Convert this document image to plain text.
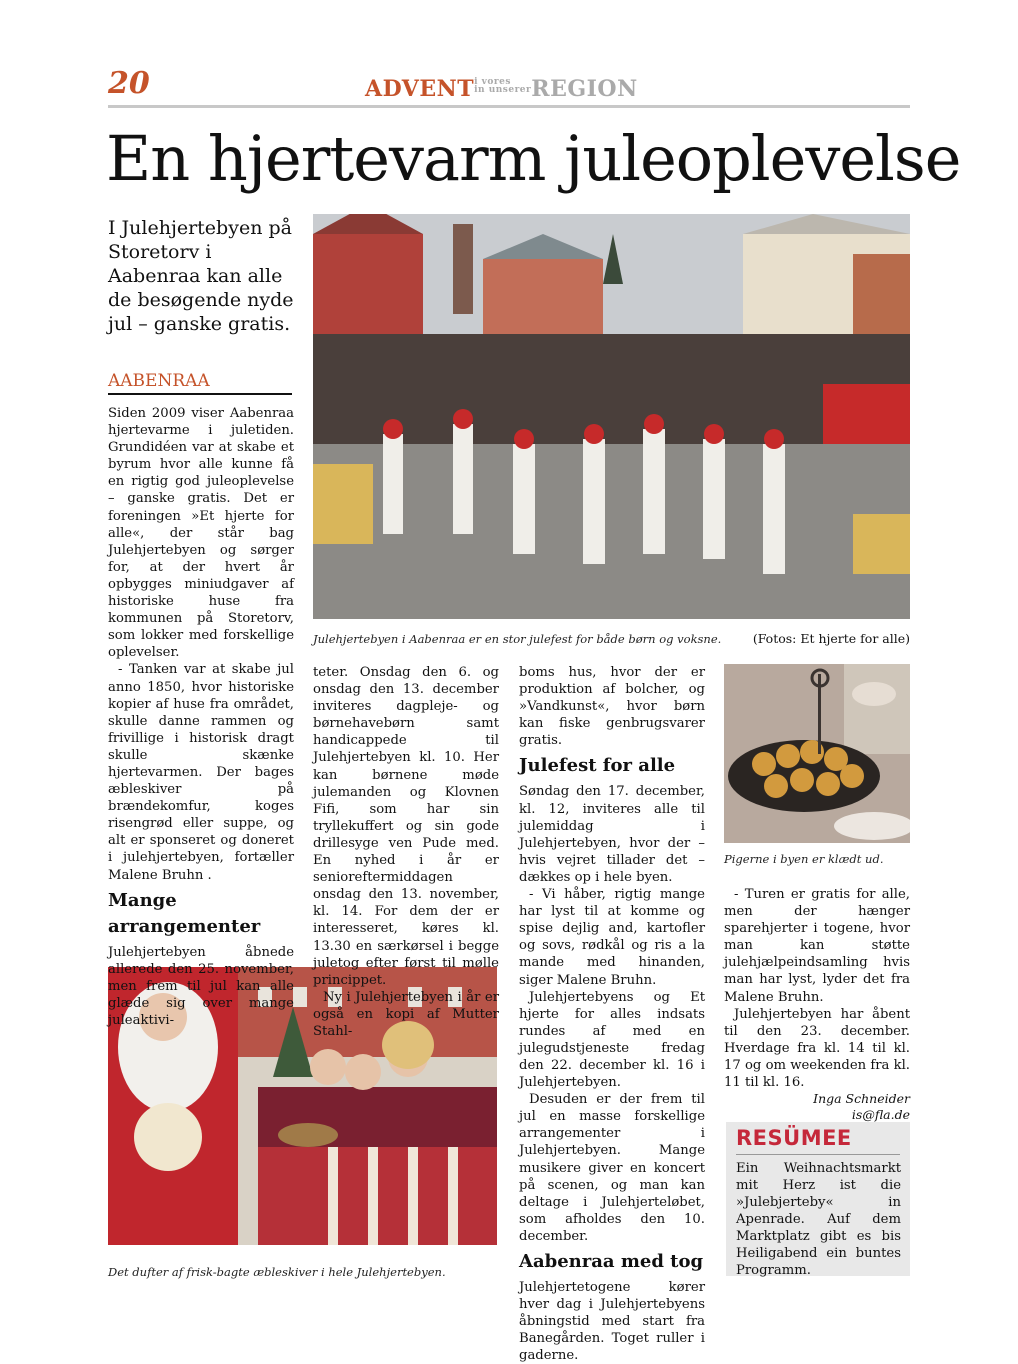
20	ADVENTi vores
in unsererREGION
En hjertevarm juleoplevelse
I Julehjertebyen på Storetorv i Aabenraa kan alle de besøgende nyde jul – ganske gratis.
AABENRAA
Julehjertebyen i Aabenraa er en stor julefest for både børn og voksne.	(Fotos: Et hjerte for alle)
Pigerne i byen er klædt ud.
Det dufter af frisk-bagte æbleskiver i hele Julehjertebyen.

Siden 2009 viser Aabenraa hjertevarme i juletiden. Grundidéen var at skabe et byrum hvor alle kunne få en rigtig god juleoplevelse – ganske gratis. Det er foreningen »Et hjerte for alle«, der står bag Julehjertebyen og sørger for, at der hvert år opbygges miniudgaver af historiske huse fra kommunen på Storetorv, som lokker med forskellige oplevelser.

- Tanken var at skabe jul anno 1850, hvor historiske kopier af huse fra området, skulle danne rammen og frivillige i historisk dragt skulle skænke hjertevarmen. Der bages æbleskiver på brændekomfur, koges risengrød eller suppe, og alt er sponseret og doneret i julehjertebyen, fortæller Malene Bruhn .

Mange arrangementer

Julehjertebyen åbnede allerede den 25. november, men frem til jul kan alle glæde sig over mange juleaktivi-

teter. Onsdag den 6. og onsdag den 13. december inviteres dagpleje- og børnehavebørn samt handicappede til Julehjertebyen kl. 10. Her kan børnene møde julemanden og Klovnen Fifi, som har sin tryllekuffert og sin gode drillesyge ven Pude med. En nyhed i år er senioreftermiddagen onsdag den 13. november, kl. 14. For dem der er interesseret, køres kl. 13.30 en særkørsel i begge juletog efter først til mølle princippet.

Ny i Julehjertebyen i år er også en kopi af Mutter Stahl-

boms hus, hvor der er produktion af bolcher, og »Vandkunst«, hvor børn kan fiske genbrugsvarer gratis.

Julefest for alle

Søndag den 17. december, kl. 12, inviteres alle til julemiddag i Julehjertebyen, hvor der – hvis vejret tillader det – dækkes op i hele byen.

- Vi håber, rigtig mange har lyst til at komme og spise dejlig and, kartofler og sovs, rødkål og ris a la mande med hinanden, siger Malene Bruhn.

Julehjertebyens og Et hjerte for alles indsats rundes af med en julegudstjeneste fredag den 22. december kl. 16 i Julehjertebyen.

Desuden er der frem til jul en masse forskellige arrangementer i Julehjertebyen. Mange musikere giver en koncert på scenen, og man kan deltage i Julehjerteløbet, som afholdes den 10. december.

Aabenraa med tog

Julehjertetogene kører hver dag i Julehjertebyens åbningstid med start fra Banegården. Toget ruller i gaderne.

- Turen er gratis for alle, men der hænger sparehjerter i togene, hvor man kan støtte julehjælpeindsamling hvis man har lyst, lyder det fra Malene Bruhn.

Julehjertebyen har åbent til den 23. december. Hverdage fra kl. 14 til kl. 17 og om weekenden fra kl. 11 til kl. 16.

Inga Schneider
is@fla.de
RESÜMEE
Ein Weihnachtsmarkt mit Herz ist die »Julebjerteby« in Apenrade. Auf dem Marktplatz gibt es bis Heiligabend ein buntes Programm.
